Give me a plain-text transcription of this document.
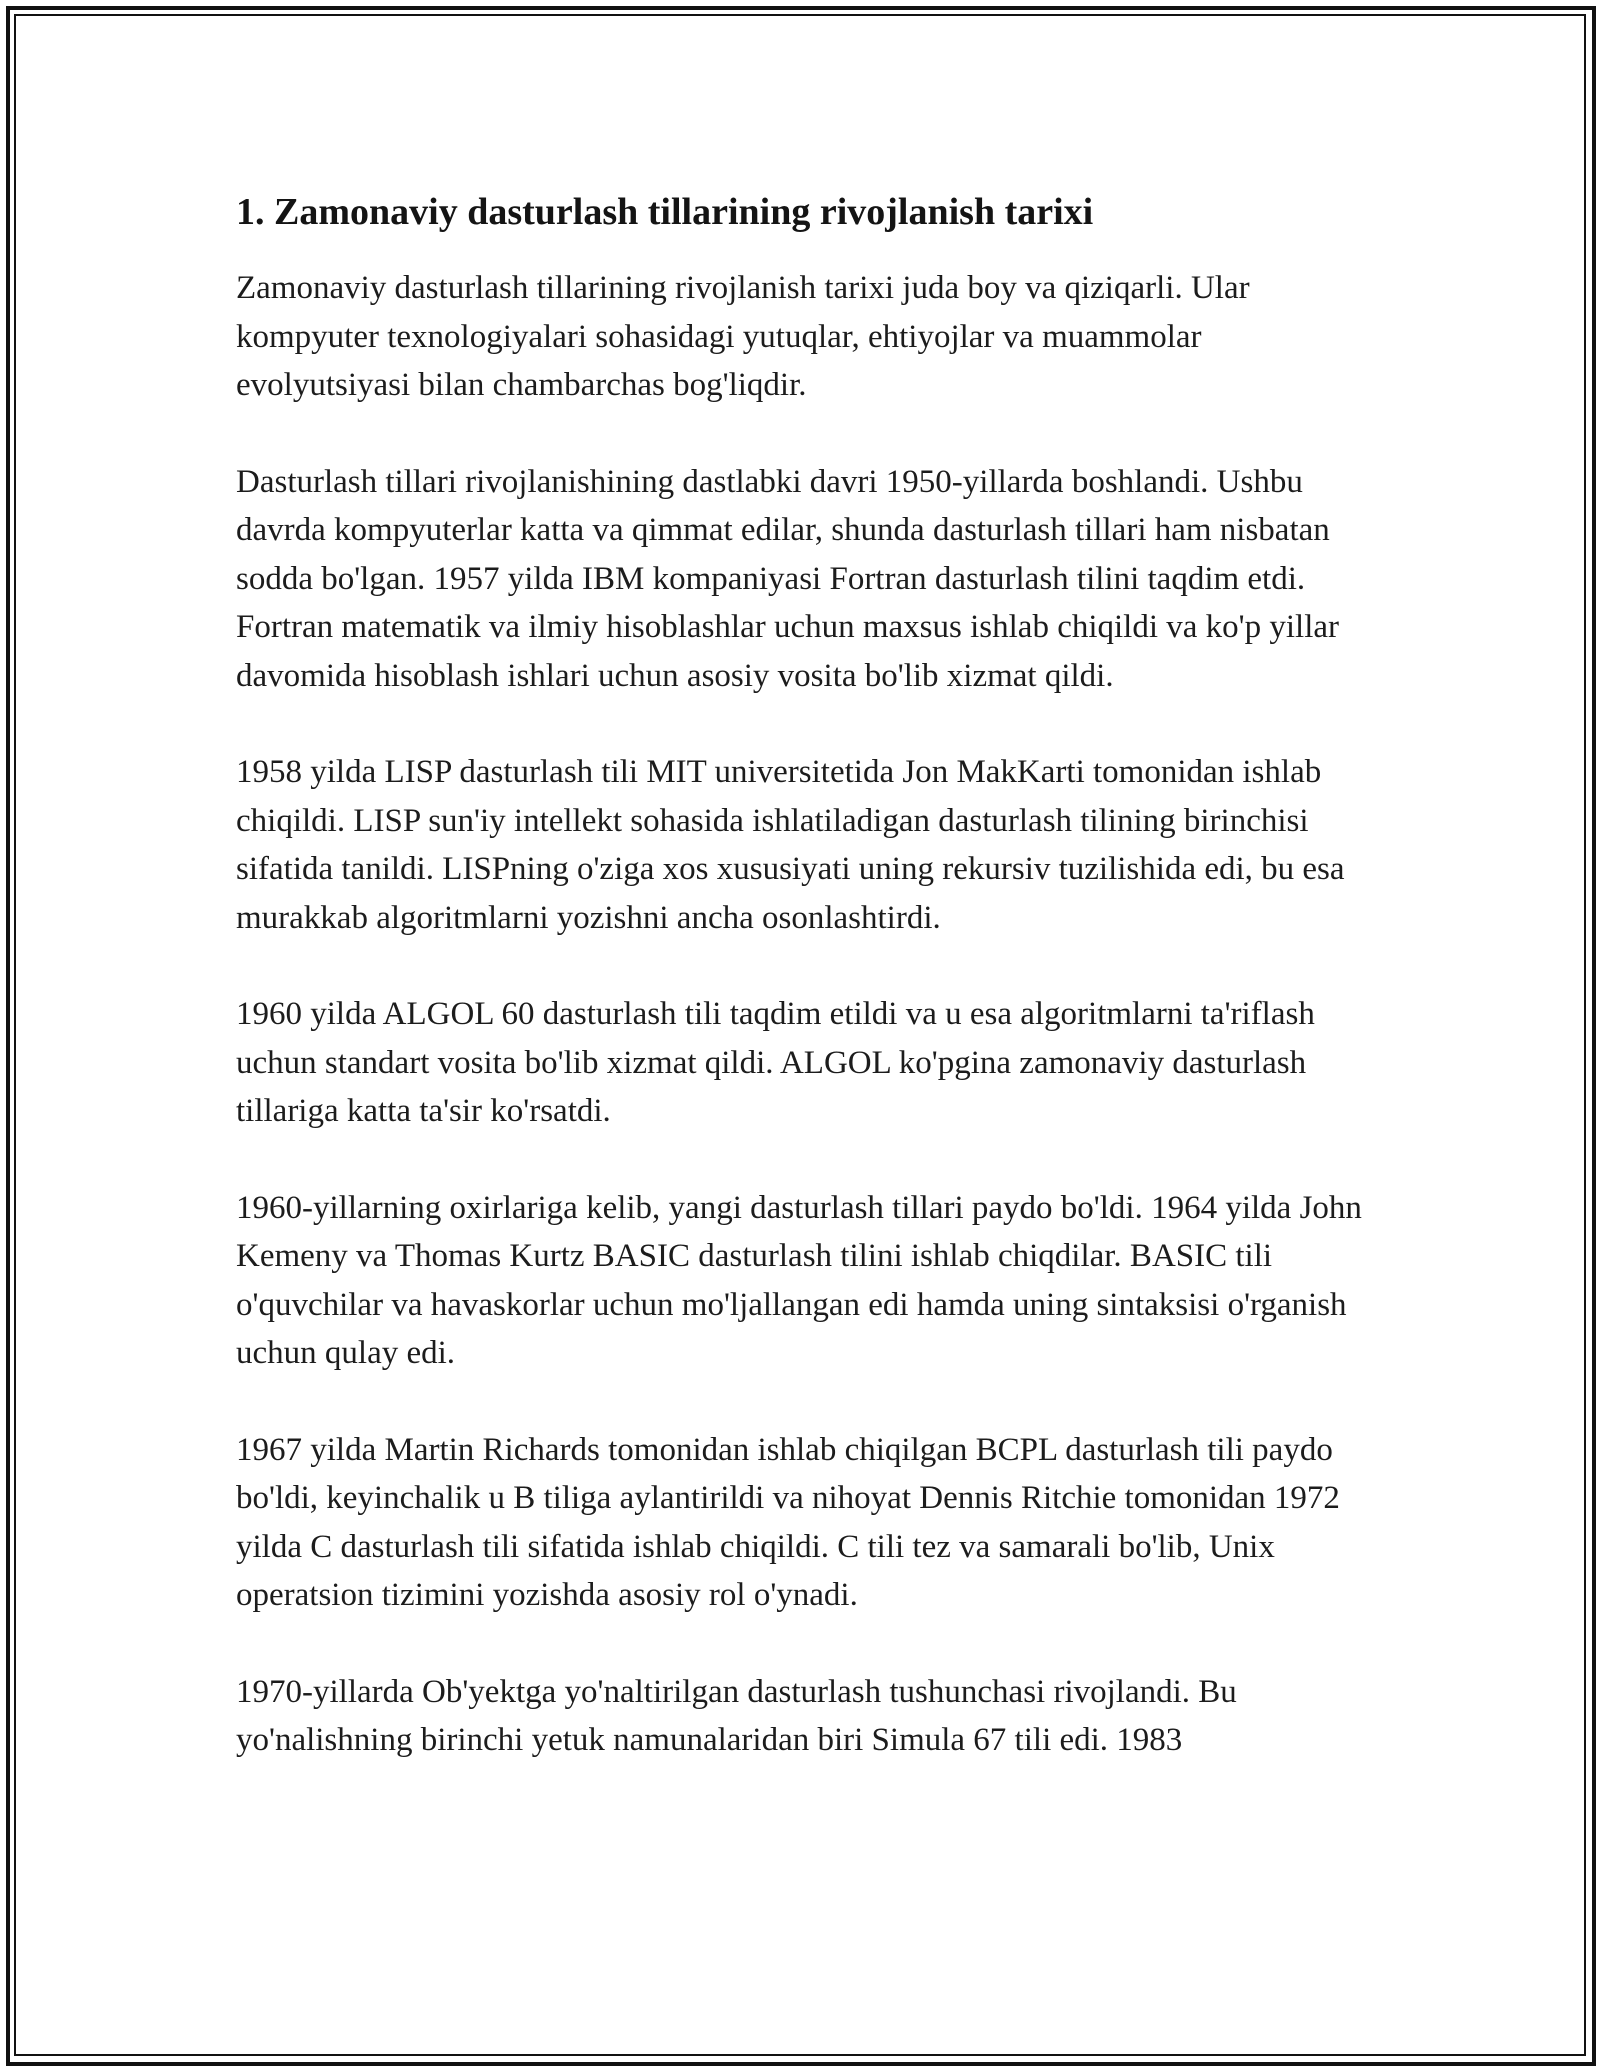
1. Zamonaviy dasturlash tillarining rivojlanish tarixi

Zamonaviy dasturlash tillarining rivojlanish tarixi juda boy va qiziqarli. Ular kompyuter texnologiyalari sohasidagi yutuqlar, ehtiyojlar va muammolar evolyutsiyasi bilan chambarchas bog'liqdir.

Dasturlash tillari rivojlanishining dastlabki davri 1950-yillarda boshlandi. Ushbu davrda kompyuterlar katta va qimmat edilar, shunda dasturlash tillari ham nisbatan sodda bo'lgan. 1957 yilda IBM kompaniyasi Fortran dasturlash tilini taqdim etdi. Fortran matematik va ilmiy hisoblashlar uchun maxsus ishlab chiqildi va ko'p yillar davomida hisoblash ishlari uchun asosiy vosita bo'lib xizmat qildi.

1958 yilda LISP dasturlash tili MIT universitetida Jon MakKarti tomonidan ishlab chiqildi. LISP sun'iy intellekt sohasida ishlatiladigan dasturlash tilining birinchisi sifatida tanildi. LISPning o'ziga xos xususiyati uning rekursiv tuzilishida edi, bu esa murakkab algoritmlarni yozishni ancha osonlashtirdi.

1960 yilda ALGOL 60 dasturlash tili taqdim etildi va u esa algoritmlarni ta'riflash uchun standart vosita bo'lib xizmat qildi. ALGOL ko'pgina zamonaviy dasturlash tillariga katta ta'sir ko'rsatdi.

1960-yillarning oxirlariga kelib, yangi dasturlash tillari paydo bo'ldi. 1964 yilda John Kemeny va Thomas Kurtz BASIC dasturlash tilini ishlab chiqdilar. BASIC tili o'quvchilar va havaskorlar uchun mo'ljallangan edi hamda uning sintaksisi o'rganish uchun qulay edi.

1967 yilda Martin Richards tomonidan ishlab chiqilgan BCPL dasturlash tili paydo bo'ldi, keyinchalik u B tiliga aylantirildi va nihoyat Dennis Ritchie tomonidan 1972 yilda C dasturlash tili sifatida ishlab chiqildi. C tili tez va samarali bo'lib, Unix operatsion tizimini yozishda asosiy rol o'ynadi.

1970-yillarda Ob'yektga yo'naltirilgan dasturlash tushunchasi rivojlandi. Bu yo'nalishning birinchi yetuk namunalaridan biri Simula 67 tili edi. 1983
